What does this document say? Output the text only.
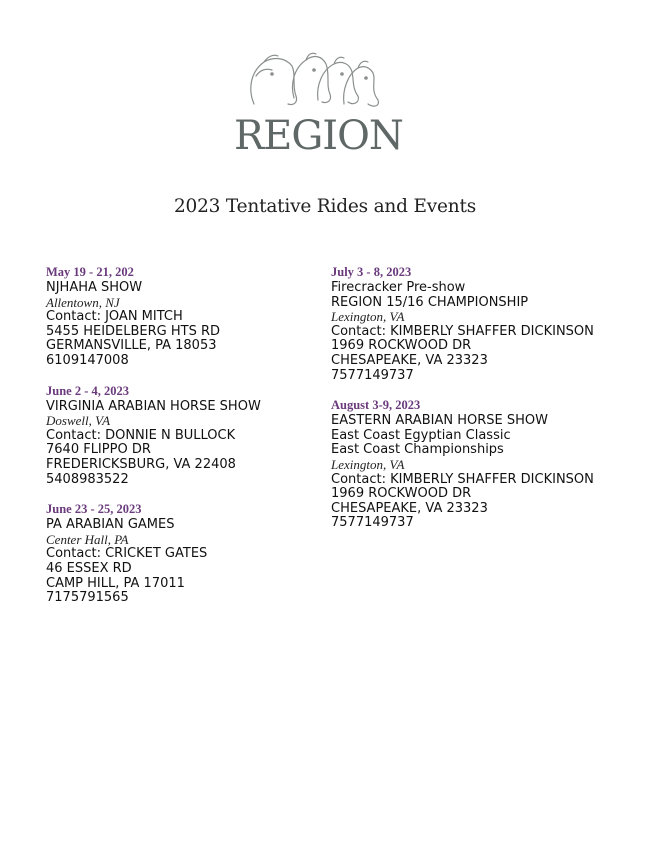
REGION
2023 Tentative Rides and Events
May 19 - 21, 202
NJHAHA SHOW
Allentown, NJ
Contact: JOAN MITCH
5455 HEIDELBERG HTS RD
GERMANSVILLE, PA 18053
6109147008
June 2 - 4, 2023
VIRGINIA ARABIAN HORSE SHOW
Doswell, VA
Contact: DONNIE N BULLOCK
7640 FLIPPO DR
FREDERICKSBURG, VA 22408
5408983522
June 23 - 25, 2023
PA ARABIAN GAMES
Center Hall, PA
Contact: CRICKET GATES
46 ESSEX RD
CAMP HILL, PA 17011
7175791565
July 3 - 8, 2023
Firecracker Pre-show
REGION 15/16 CHAMPIONSHIP
Lexington, VA
Contact: KIMBERLY SHAFFER DICKINSON
1969 ROCKWOOD DR
CHESAPEAKE, VA 23323
7577149737
August 3-9, 2023
EASTERN ARABIAN HORSE SHOW
East Coast Egyptian Classic
East Coast Championships
Lexington, VA
Contact: KIMBERLY SHAFFER DICKINSON
1969 ROCKWOOD DR
CHESAPEAKE, VA 23323
7577149737
